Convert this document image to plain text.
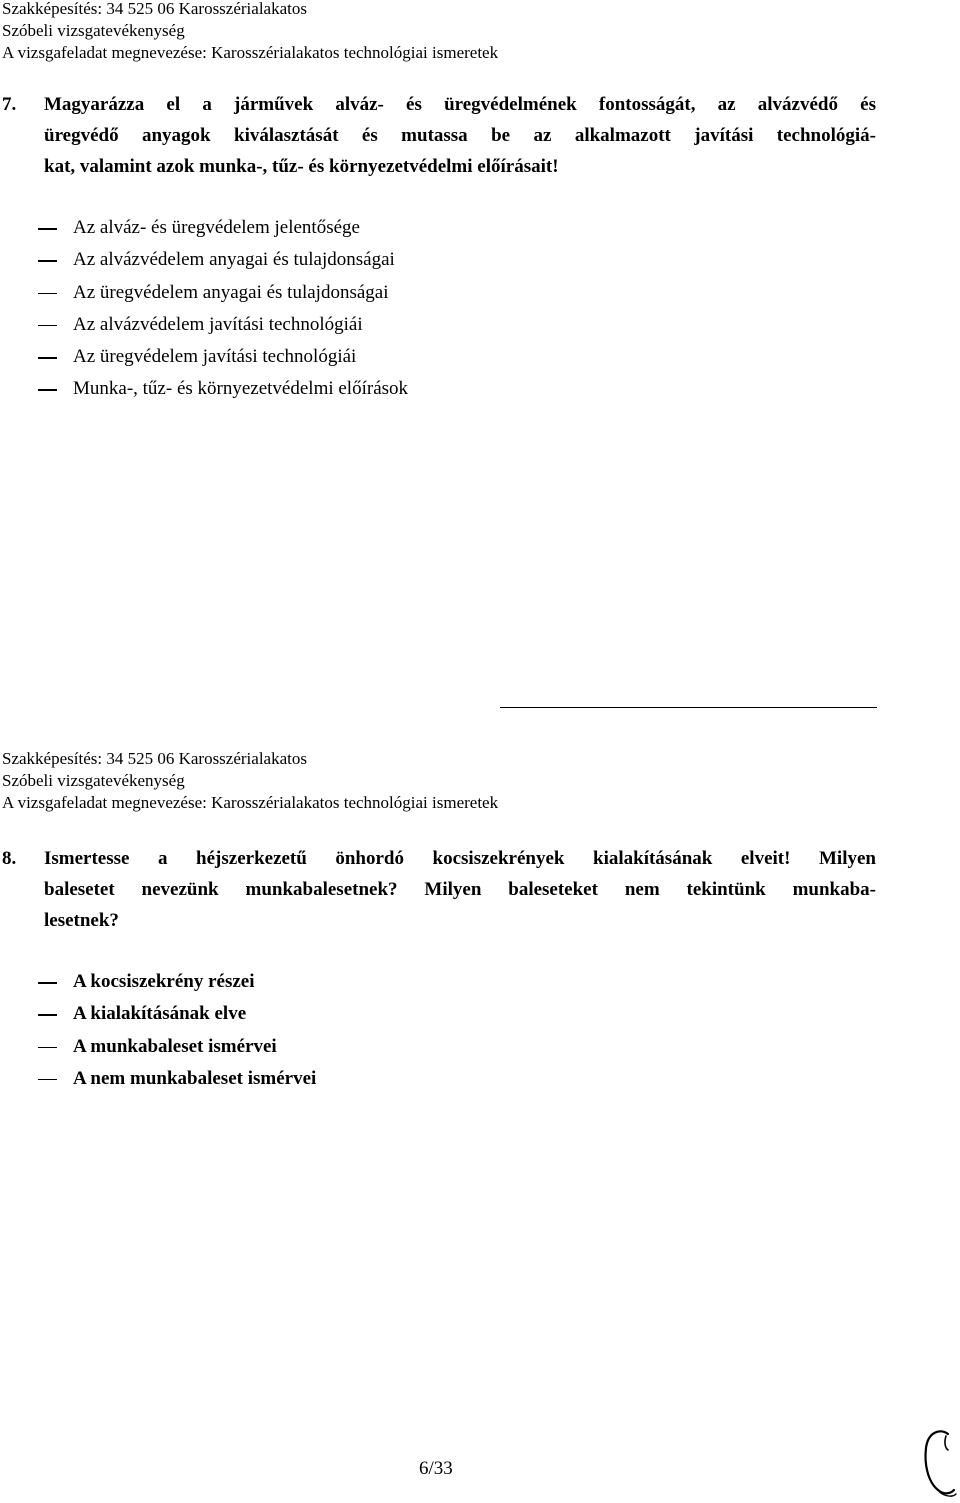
Szakképesítés: 34 525 06 Karosszérialakatos
Szóbeli vizsgatevékenység
A vizsgafeladat megnevezése: Karosszérialakatos technológiai ismeretek
7. Magyarázza el a járművek alváz- és üregvédelmének fontosságát, az alvázvédő és
üregvédő anyagok kiválasztását és mutassa be az alkalmazott javítási technológiá-
kat, valamint azok munka-, tűz- és környezetvédelmi előírásait!
Az alváz- és üregvédelem jelentősége
Az alvázvédelem anyagai és tulajdonságai
Az üregvédelem anyagai és tulajdonságai
Az alvázvédelem javítási technológiái
Az üregvédelem javítási technológiái
Munka-, tűz- és környezetvédelmi előírások
Szakképesítés: 34 525 06 Karosszérialakatos
Szóbeli vizsgatevékenység
A vizsgafeladat megnevezése: Karosszérialakatos technológiai ismeretek
8. Ismertesse a héjszerkezetű önhordó kocsiszekrények kialakításának elveit! Milyen
balesetet nevezünk munkabalesetnek? Milyen baleseteket nem tekintünk munkaba-
lesetnek?
A kocsiszekrény részei
A kialakításának elve
A munkabaleset ismérvei
A nem munkabaleset ismérvei
6/33
